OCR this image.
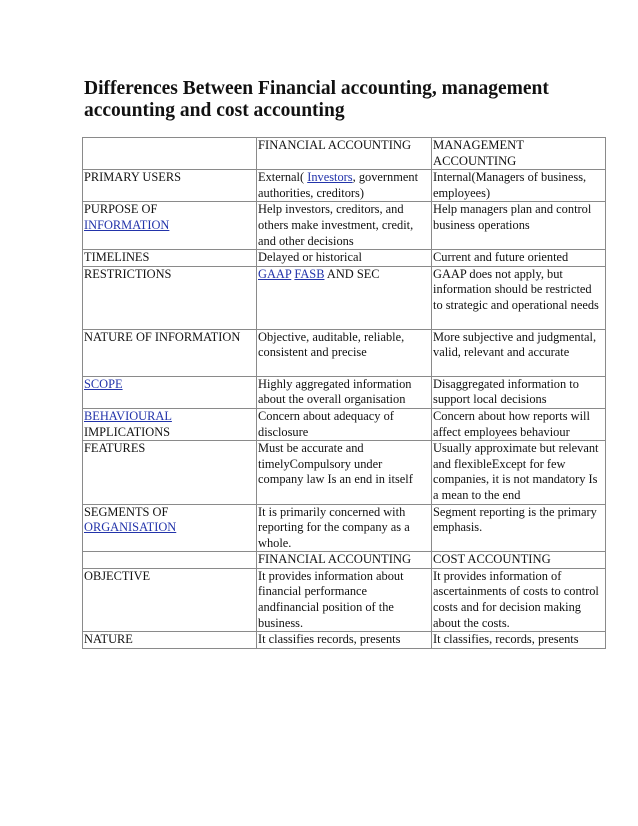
Differences Between Financial accounting, management accounting and cost accounting
	FINANCIAL ACCOUNTING	MANAGEMENT ACCOUNTING
PRIMARY USERS	External( Investors, government authorities, creditors)	Internal(Managers of business, employees)
PURPOSE OF
INFORMATION	Help investors, creditors, and others make investment, credit, and other decisions	Help managers plan and control business operations
TIMELINES	Delayed or historical	Current and future oriented
RESTRICTIONS	GAAP FASB AND SEC	GAAP does not apply, but information should be restricted to strategic and operational needs
NATURE OF INFORMATION	Objective, auditable, reliable, consistent and precise	More subjective and judgmental, valid, relevant and accurate
SCOPE	Highly aggregated information about the overall organisation	Disaggregated information to support local decisions
BEHAVIOURAL
IMPLICATIONS	Concern about adequacy of disclosure	Concern about how reports will affect employees behaviour
FEATURES	Must be accurate and timelyCompulsory under company law Is an end in itself	Usually approximate but relevant and flexibleExcept for few companies, it is not mandatory Is a mean to the end
SEGMENTS OF
ORGANISATION	It is primarily concerned with reporting for the company as a whole.	Segment reporting is the primary emphasis.
	FINANCIAL ACCOUNTING	COST ACCOUNTING
OBJECTIVE	It provides information about financial performance andfinancial position of the business.	It provides information of ascertainments of costs to control costs and for decision making about the costs.
NATURE	It classifies records, presents	It classifies, records, presents
